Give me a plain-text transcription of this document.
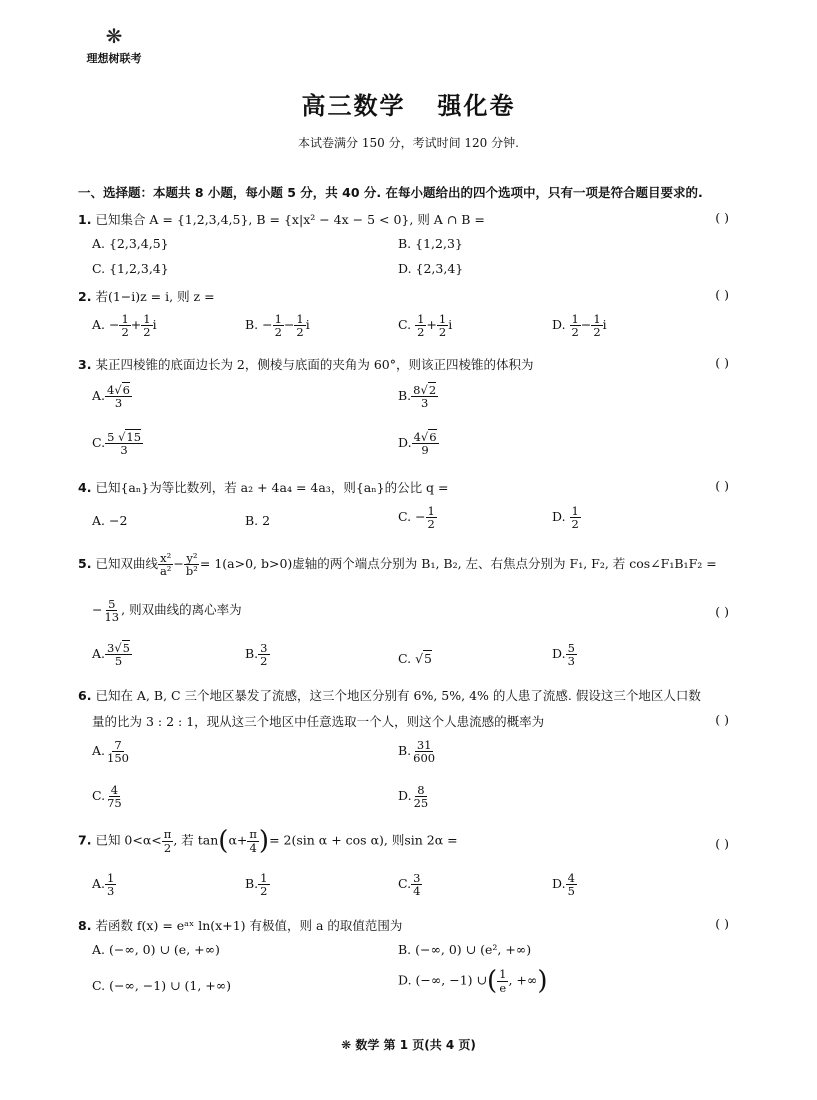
❋
理想树联考
高三数学 强化卷
本试卷满分 150 分，考试时间 120 分钟.
一、选择题：本题共 8 小题，每小题 5 分，共 40 分. 在每小题给出的四个选项中，只有一项是符合题目要求的.
1. 已知集合 A = {1,2,3,4,5}, B = {x|x² − 4x − 5 < 0}, 则 A ∩ B =	( )
A. {2,3,4,5}	B. {1,2,3}
C. {1,2,3,4}	D. {2,3,4}
2. 若(1−i)z = i, 则 z =	( )
A. − $\frac{1}{2} + \frac{1}{2}$ i	B. − $\frac{1}{2} - \frac{1}{2}$ i	C. $\frac{1}{2} + \frac{1}{2}$ i	D. $\frac{1}{2} - \frac{1}{2}$ i
3. 某正四棱锥的底面边长为 2，侧棱与底面的夹角为 60°，则该正四棱锥的体积为	( )
A. $\frac{4√6}{3}$	B. $\frac{8√2}{3}$
C. $\frac{5 √15}{3}$	D. $\frac{4√6}{9}$
4. 已知{aₙ}为等比数列，若 a₂ + 4a₄ = 4a₃，则{aₙ}的公比 q =	( )
A. −2	B. 2	C. − $\frac{1}{2}$	D. $\frac{1}{2}$
5. 已知双曲线 $\frac{\text{x²}}{\text{a²}} - \frac{\text{y²}}{\text{b²}} = 1(a>0$, b>0)虚轴的两个端点分别为 B₁, B₂, 左、右焦点分别为 F₁, F₂, 若 cos∠F₁B₁F₂ =
− $\frac{5}{13}$ , 则双曲线的离心率为	( )
A. $\frac{3√5}{5}$	B. $\frac{3}{2}$	C. √5	D. $\frac{5}{3}$
6. 已知在 A, B, C 三个地区暴发了流感，这三个地区分别有 6%, 5%, 4% 的人患了流感. 假设这三个地区人口数
量的比为 3 : 2 : 1，现从这三个地区中任意选取一个人，则这个人患流感的概率为	( )
A. $\frac{7}{150}$	B. $\frac{31}{600}$
C. $\frac{4}{75}$	D. $\frac{8}{25}$
7. 已知 $0<\alpha< \frac{\pi}{2}$ , 若 $\tan(\alpha+ \frac{\pi}{4}$ )= 2(sin α + cos α), 则sin 2α =	( )
A. $\frac{1}{3}$	B. $\frac{1}{2}$	C. $\frac{3}{4}$	D. $\frac{4}{5}$
8. 若函数 f(x) = eᵃˣ ln(x+1) 有极值，则 a 的取值范围为	( )
A. (−∞, 0) ∪ (e, +∞)	B. (−∞, 0) ∪ (e², +∞)
C. (−∞, −1) ∪ (1, +∞)	D. (−∞, −1) ∪( $\frac{1}{e}$ , +∞)
❋ 数学 第 1 页(共 4 页)
